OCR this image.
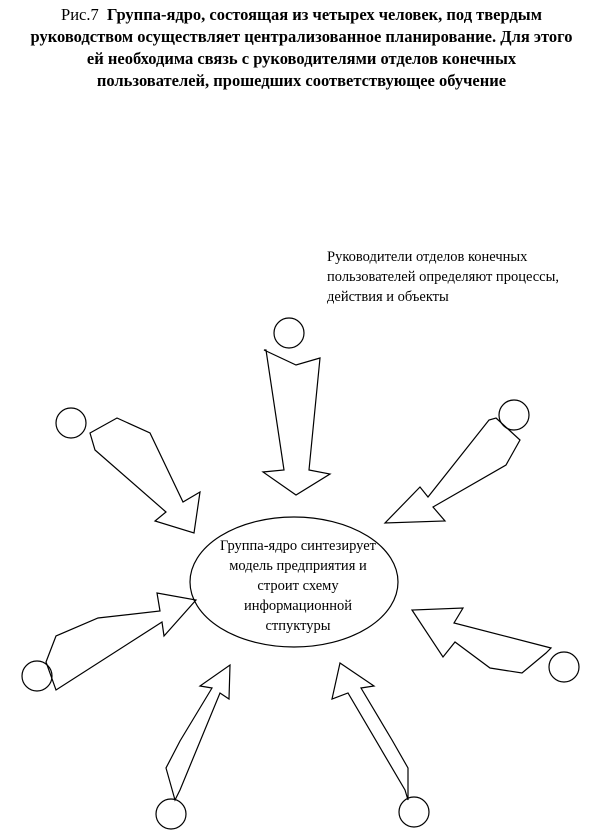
Рис.7 Группа-ядро, состоящая из четырех человек, под твердым
руководством осуществляет централизованное планирование. Для этого
ей необходима связь с руководителями отделов конечных
пользователей, прошедших соответствующее обучение
Руководители отделов конечных
пользователей определяют процессы,
действия и объекты
Группа-ядро синтезирует
модель предприятия и
строит схему
информационной
стпуктуры
